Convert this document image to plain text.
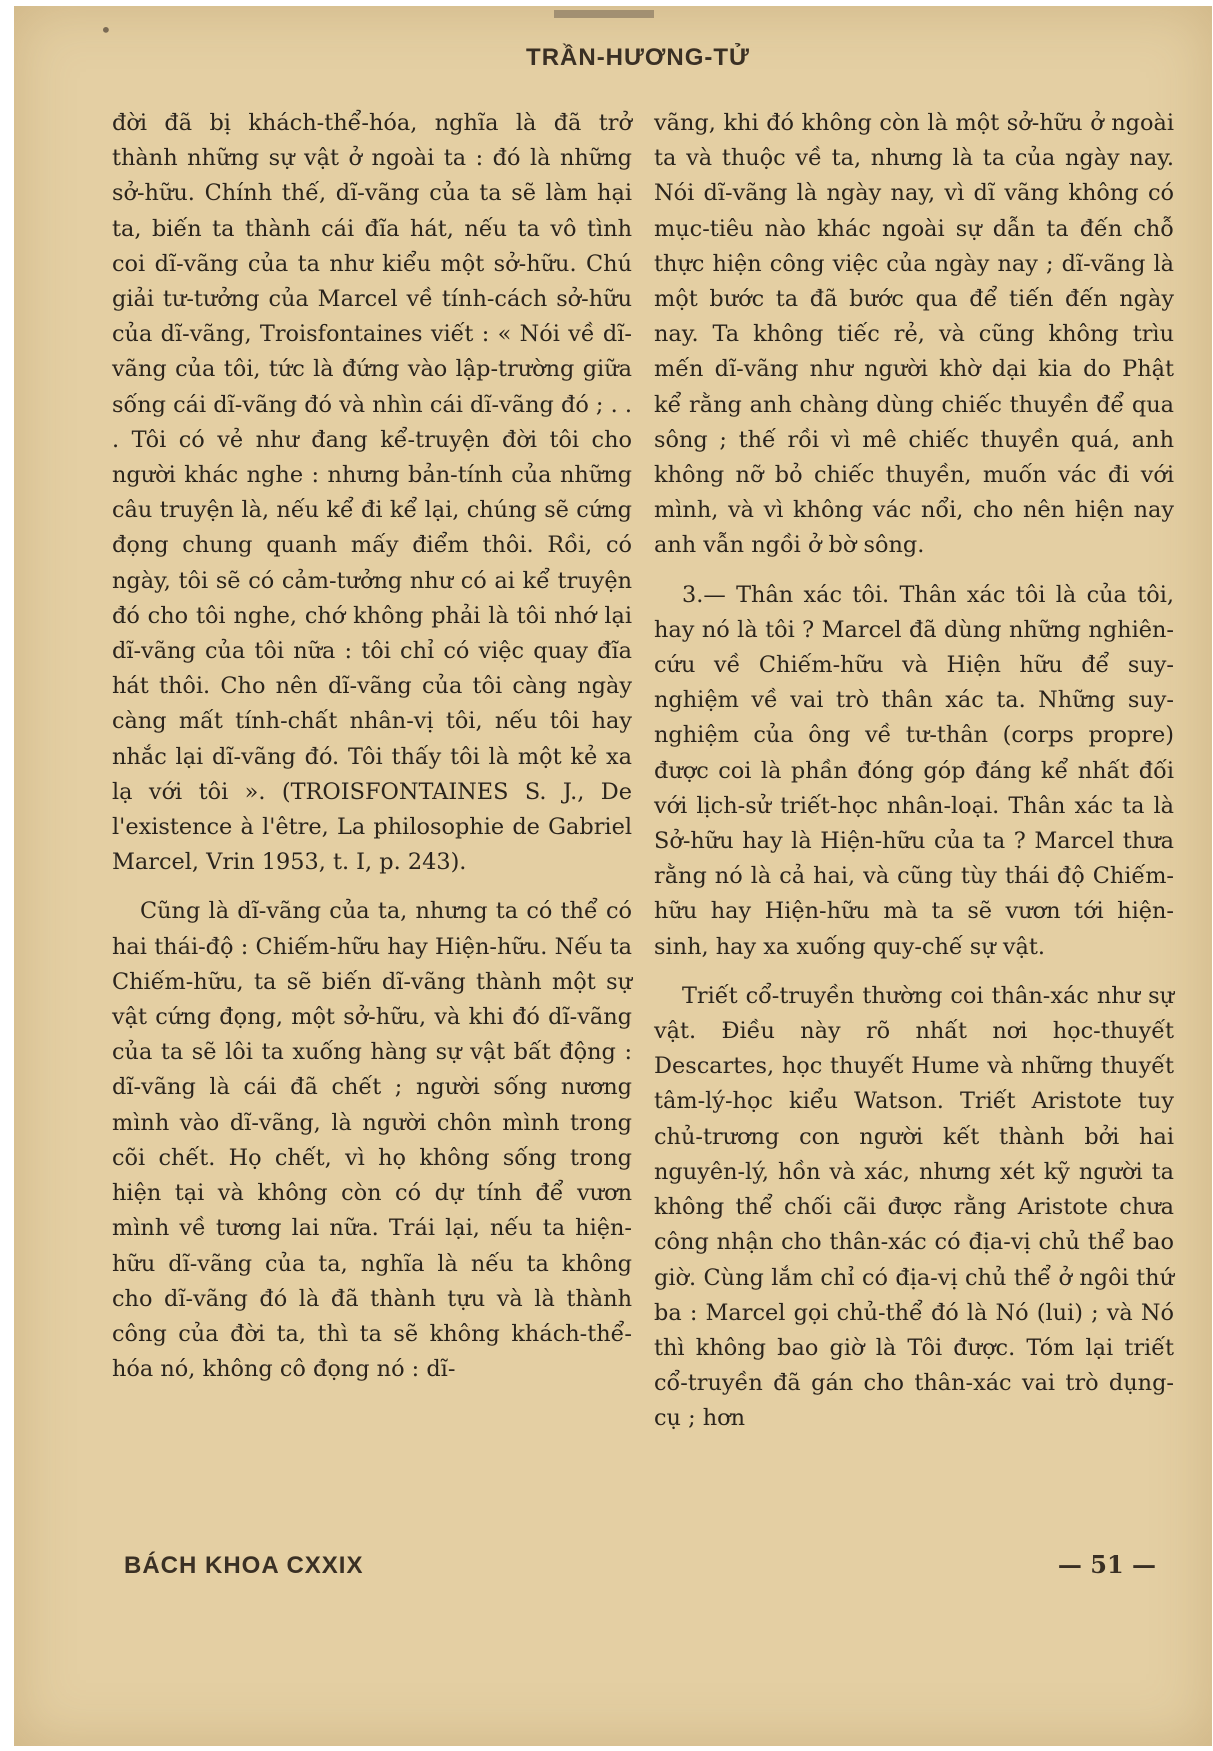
•
TRẦN-HƯƠNG-TỬ

đời đã bị khách-thể-hóa, nghĩa là đã trở thành những sự vật ở ngoài ta : đó là những sở-hữu. Chính thế, dĩ-vãng của ta sẽ làm hại ta, biến ta thành cái đĩa hát, nếu ta vô tình coi dĩ-vãng của ta như kiểu một sở-hữu. Chú giải tư-tưởng của Marcel về tính-cách sở-hữu của dĩ-vãng, Troisfontaines viết : « Nói về dĩ-vãng của tôi, tức là đứng vào lập-trường giữa sống cái dĩ-vãng đó và nhìn cái dĩ-vãng đó ; . . . Tôi có vẻ như đang kể-truyện đời tôi cho người khác nghe : nhưng bản-tính của những câu truyện là, nếu kể đi kể lại, chúng sẽ cứng đọng chung quanh mấy điểm thôi. Rồi, có ngày, tôi sẽ có cảm-tưởng như có ai kể truyện đó cho tôi nghe, chớ không phải là tôi nhớ lại dĩ-vãng của tôi nữa : tôi chỉ có việc quay đĩa hát thôi. Cho nên dĩ-vãng của tôi càng ngày càng mất tính-chất nhân-vị tôi, nếu tôi hay nhắc lại dĩ-vãng đó. Tôi thấy tôi là một kẻ xa lạ với tôi ». (TROISFONTAINES S. J., De l'existence à l'être, La philosophie de Gabriel Marcel, Vrin 1953, t. I, p. 243).

Cũng là dĩ-vãng của ta, nhưng ta có thể có hai thái-độ : Chiếm-hữu hay Hiện-hữu. Nếu ta Chiếm-hữu, ta sẽ biến dĩ-vãng thành một sự vật cứng đọng, một sở-hữu, và khi đó dĩ-vãng của ta sẽ lôi ta xuống hàng sự vật bất động : dĩ-vãng là cái đã chết ; người sống nương mình vào dĩ-vãng, là người chôn mình trong cõi chết. Họ chết, vì họ không sống trong hiện tại và không còn có dự tính để vươn mình về tương lai nữa. Trái lại, nếu ta hiện-hữu dĩ-vãng của ta, nghĩa là nếu ta không cho dĩ-vãng đó là đã thành tựu và là thành công của đời ta, thì ta sẽ không khách-thể-hóa nó, không cô đọng nó : dĩ-

vãng, khi đó không còn là một sở-hữu ở ngoài ta và thuộc về ta, nhưng là ta của ngày nay. Nói dĩ-vãng là ngày nay, vì dĩ vãng không có mục-tiêu nào khác ngoài sự dẫn ta đến chỗ thực hiện công việc của ngày nay ; dĩ-vãng là một bước ta đã bước qua để tiến đến ngày nay. Ta không tiếc rẻ, và cũng không trìu mến dĩ-vãng như người khờ dại kia do Phật kể rằng anh chàng dùng chiếc thuyền để qua sông ; thế rồi vì mê chiếc thuyền quá, anh không nỡ bỏ chiếc thuyền, muốn vác đi với mình, và vì không vác nổi, cho nên hiện nay anh vẫn ngồi ở bờ sông.

3.— Thân xác tôi. Thân xác tôi là của tôi, hay nó là tôi ? Marcel đã dùng những nghiên-cứu về Chiếm-hữu và Hiện hữu để suy-nghiệm về vai trò thân xác ta. Những suy-nghiệm của ông về tư-thân (corps propre) được coi là phần đóng góp đáng kể nhất đối với lịch-sử triết-học nhân-loại. Thân xác ta là Sở-hữu hay là Hiện-hữu của ta ? Marcel thưa rằng nó là cả hai, và cũng tùy thái độ Chiếm-hữu hay Hiện-hữu mà ta sẽ vươn tới hiện-sinh, hay xa xuống quy-chế sự vật.

Triết cổ-truyền thường coi thân-xác như sự vật. Điều này rõ nhất nơi học-thuyết Descartes, học thuyết Hume và những thuyết tâm-lý-học kiểu Watson. Triết Aristote tuy chủ-trương con người kết thành bởi hai nguyên-lý, hồn và xác, nhưng xét kỹ người ta không thể chối cãi được rằng Aristote chưa công nhận cho thân-xác có địa-vị chủ thể bao giờ. Cùng lắm chỉ có địa-vị chủ thể ở ngôi thứ ba : Marcel gọi chủ-thể đó là Nó (lui) ; và Nó thì không bao giờ là Tôi được. Tóm lại triết cổ-truyền đã gán cho thân-xác vai trò dụng-cụ ; hơn

BÁCH KHOA CXXIX	— 51 —
